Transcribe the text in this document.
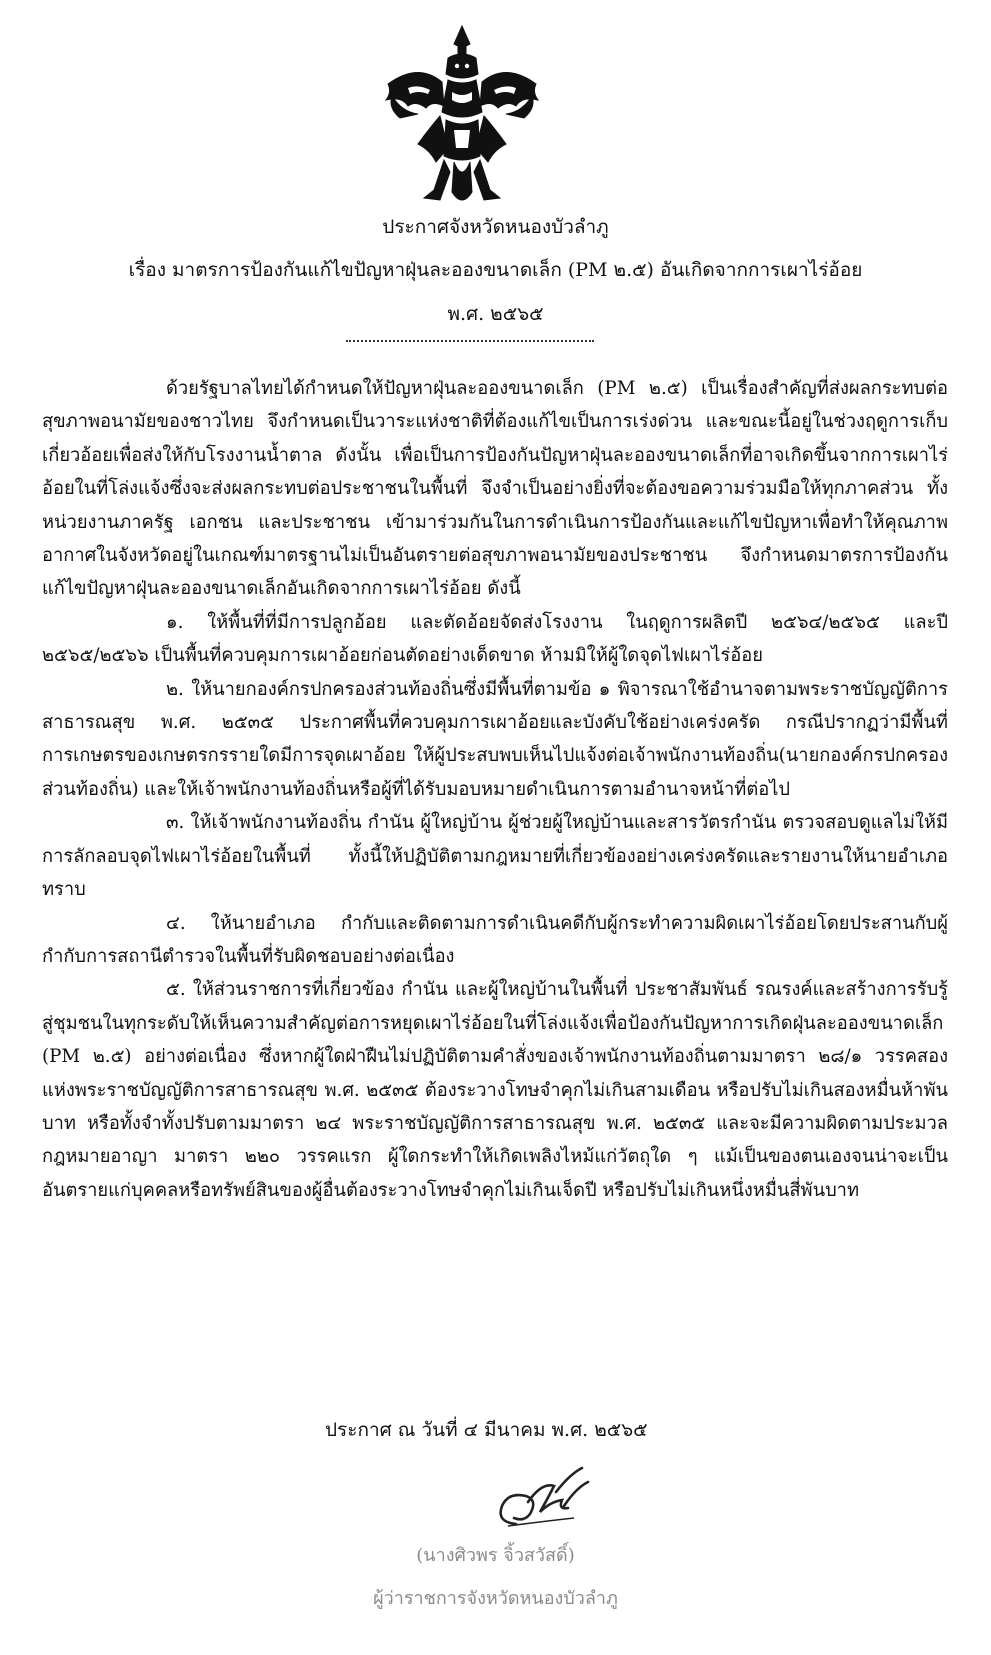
ประกาศจังหวัดหนองบัวลำภู
เรื่อง มาตรการป้องกันแก้ไขปัญหาฝุ่นละอองขนาดเล็ก (PM ๒.๕) อันเกิดจากการเผาไร่อ้อย
พ.ศ. ๒๕๖๕

ด้วยรัฐบาลไทยได้กำหนดให้ปัญหาฝุ่นละอองขนาดเล็ก (PM ๒.๕) เป็นเรื่องสำคัญที่ส่งผลกระทบต่อสุขภาพอนามัยของชาวไทย จึงกำหนดเป็นวาระแห่งชาติที่ต้องแก้ไขเป็นการเร่งด่วน และขณะนี้อยู่ในช่วงฤดูการเก็บเกี่ยวอ้อยเพื่อส่งให้กับโรงงานน้ำตาล ดังนั้น เพื่อเป็นการป้องกันปัญหาฝุ่นละอองขนาดเล็กที่อาจเกิดขึ้นจากการเผาไร่อ้อยในที่โล่งแจ้งซึ่งจะส่งผลกระทบต่อประชาชนในพื้นที่ จึงจำเป็นอย่างยิ่งที่จะต้องขอความร่วมมือให้ทุกภาคส่วน ทั้งหน่วยงานภาครัฐ เอกชน และประชาชน เข้ามาร่วมกันในการดำเนินการป้องกันและแก้ไขปัญหาเพื่อทำให้คุณภาพอากาศในจังหวัดอยู่ในเกณฑ์มาตรฐานไม่เป็นอันตรายต่อสุขภาพอนามัยของประชาชน จึงกำหนดมาตรการป้องกันแก้ไขปัญหาฝุ่นละอองขนาดเล็กอันเกิดจากการเผาไร่อ้อย ดังนี้

๑. ให้พื้นที่ที่มีการปลูกอ้อย และตัดอ้อยจัดส่งโรงงาน ในฤดูการผลิตปี ๒๕๖๔/๒๕๖๕ และปี ๒๕๖๕/๒๕๖๖ เป็นพื้นที่ควบคุมการเผาอ้อยก่อนตัดอย่างเด็ดขาด ห้ามมิให้ผู้ใดจุดไฟเผาไร่อ้อย

๒. ให้นายกองค์กรปกครองส่วนท้องถิ่นซึ่งมีพื้นที่ตามข้อ ๑ พิจารณาใช้อำนาจตามพระราชบัญญัติการสาธารณสุข พ.ศ. ๒๕๓๕ ประกาศพื้นที่ควบคุมการเผาอ้อยและบังคับใช้อย่างเคร่งครัด กรณีปรากฏว่ามีพื้นที่การเกษตรของเกษตรกรรายใดมีการจุดเผาอ้อย ให้ผู้ประสบพบเห็นไปแจ้งต่อเจ้าพนักงานท้องถิ่น(นายกองค์กรปกครองส่วนท้องถิ่น) และให้เจ้าพนักงานท้องถิ่นหรือผู้ที่ได้รับมอบหมายดำเนินการตามอำนาจหน้าที่ต่อไป

๓. ให้เจ้าพนักงานท้องถิ่น กำนัน ผู้ใหญ่บ้าน ผู้ช่วยผู้ใหญ่บ้านและสารวัตรกำนัน ตรวจสอบดูแลไม่ให้มีการลักลอบจุดไฟเผาไร่อ้อยในพื้นที่ ทั้งนี้ให้ปฏิบัติตามกฎหมายที่เกี่ยวข้องอย่างเคร่งครัดและรายงานให้นายอำเภอทราบ

๔. ให้นายอำเภอ กำกับและติดตามการดำเนินคดีกับผู้กระทำความผิดเผาไร่อ้อยโดยประสานกับผู้กำกับการสถานีตำรวจในพื้นที่รับผิดชอบอย่างต่อเนื่อง

๕. ให้ส่วนราชการที่เกี่ยวข้อง กำนัน และผู้ใหญ่บ้านในพื้นที่ ประชาสัมพันธ์ รณรงค์และสร้างการรับรู้สู่ชุมชนในทุกระดับให้เห็นความสำคัญต่อการหยุดเผาไร่อ้อยในที่โล่งแจ้งเพื่อป้องกันปัญหาการเกิดฝุ่นละอองขนาดเล็ก (PM ๒.๕) อย่างต่อเนื่อง ซึ่งหากผู้ใดฝ่าฝืนไม่ปฏิบัติตามคำสั่งของเจ้าพนักงานท้องถิ่นตามมาตรา ๒๘/๑ วรรคสอง แห่งพระราชบัญญัติการสาธารณสุข พ.ศ. ๒๕๓๕ ต้องระวางโทษจำคุกไม่เกินสามเดือน หรือปรับไม่เกินสองหมื่นห้าพันบาท หรือทั้งจำทั้งปรับตามมาตรา ๒๔ พระราชบัญญัติการสาธารณสุข พ.ศ. ๒๕๓๕ และจะมีความผิดตามประมวลกฎหมายอาญา มาตรา ๒๒๐ วรรคแรก ผู้ใดกระทำให้เกิดเพลิงไหม้แก่วัตถุใด ๆ แม้เป็นของตนเองจนน่าจะเป็นอันตรายแก่บุคคลหรือทรัพย์สินของผู้อื่นต้องระวางโทษจำคุกไม่เกินเจ็ดปี หรือปรับไม่เกินหนึ่งหมื่นสี่พันบาท

ประกาศ ณ วันที่ ๔ มีนาคม พ.ศ. ๒๕๖๕
(นางศิวพร จิ้วสวัสดิ์)
ผู้ว่าราชการจังหวัดหนองบัวลำภู
